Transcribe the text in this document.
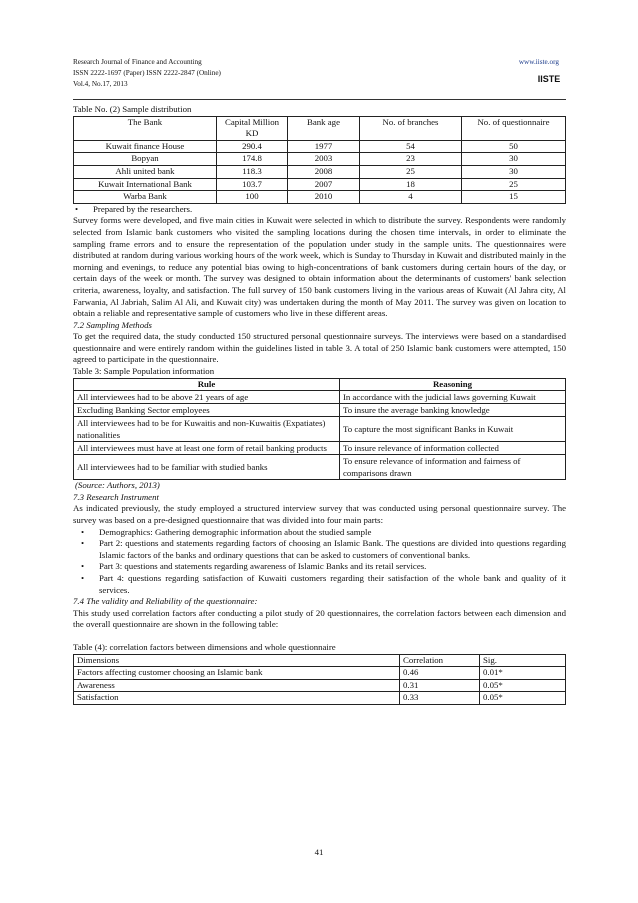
Research Journal of Finance and Accounting
ISSN 2222-1697 (Paper) ISSN 2222-2847 (Online)
Vol.4, No.17, 2013
www.iiste.org
IISTE
Table No. (2) Sample distribution
The Bank	Capital Million KD	Bank age	No. of branches	No. of questionnaire
Kuwait finance House	290.4	1977	54	50
Bopyan	174.8	2003	23	30
Ahli united bank	118.3	2008	25	30
Kuwait International Bank	103.7	2007	18	25
Warba Bank	100	2010	4	15
• Prepared by the researchers.

Survey forms were developed, and five main cities in Kuwait were selected in which to distribute the survey. Respondents were randomly selected from Islamic bank customers who visited the sampling locations during the chosen time intervals, in order to eliminate the sampling frame errors and to ensure the representation of the population under study in the sample units. The questionnaires were distributed at random during various working hours of the work week, which is Sunday to Thursday in Kuwait and distributed mainly in the morning and evenings, to reduce any potential bias owing to high-concentrations of bank customers during certain hours of the day, or certain days of the week or month. The survey was designed to obtain information about the determinants of customers' bank selection criteria, awareness, loyalty, and satisfaction. The full survey of 150 bank customers living in the various areas of Kuwait (Al Jahra city, Al Farwania, Al Jabriah, Salim Al Ali, and Kuwait city) was undertaken during the month of May 2011. The survey was given on location to obtain a reliable and representative sample of customers who live in these different areas.

7.2 Sampling Methods

To get the required data, the study conducted 150 structured personal questionnaire surveys. The interviews were based on a standardised questionnaire and were entirely random within the guidelines listed in table 3. A total of 250 Islamic bank customers were attempted, 150 agreed to participate in the questionnaire.

Table 3: Sample Population information
Rule	Reasoning
All interviewees had to be above 21 years of age	In accordance with the judicial laws governing Kuwait
Excluding Banking Sector employees	To insure the average banking knowledge
All interviewees had to be for Kuwaitis and non-Kuwaitis (Expatiates) nationalities	To capture the most significant Banks in Kuwait
All interviewees must have at least one form of retail banking products	To insure relevance of information collected
All interviewees had to be familiar with studied banks	To ensure relevance of information and fairness of comparisons drawn
(Source: Authors, 2013)
7.3 Research Instrument

As indicated previously, the study employed a structured interview survey that was conducted using personal questionnaire survey. The survey was based on a pre-designed questionnaire that was divided into four main parts:

• Demographics: Gathering demographic information about the studied sample
• Part 2: questions and statements regarding factors of choosing an Islamic Bank. The questions are divided into questions regarding Islamic factors of the banks and ordinary questions that can be asked to customers of conventional banks.
• Part 3: questions and statements regarding awareness of Islamic Banks and its retail services.
• Part 4: questions regarding satisfaction of Kuwaiti customers regarding their satisfaction of the whole bank and quality of it services.
7.4 The validity and Reliability of the questionnaire:

This study used correlation factors after conducting a pilot study of 20 questionnaires, the correlation factors between each dimension and the overall questionnaire are shown in the following table:

Table (4): correlation factors between dimensions and whole questionnaire
Dimensions	Correlation	Sig.
Factors affecting customer choosing an Islamic bank	0.46	0.01*
Awareness	0.31	0.05*
Satisfaction	0.33	0.05*
41
